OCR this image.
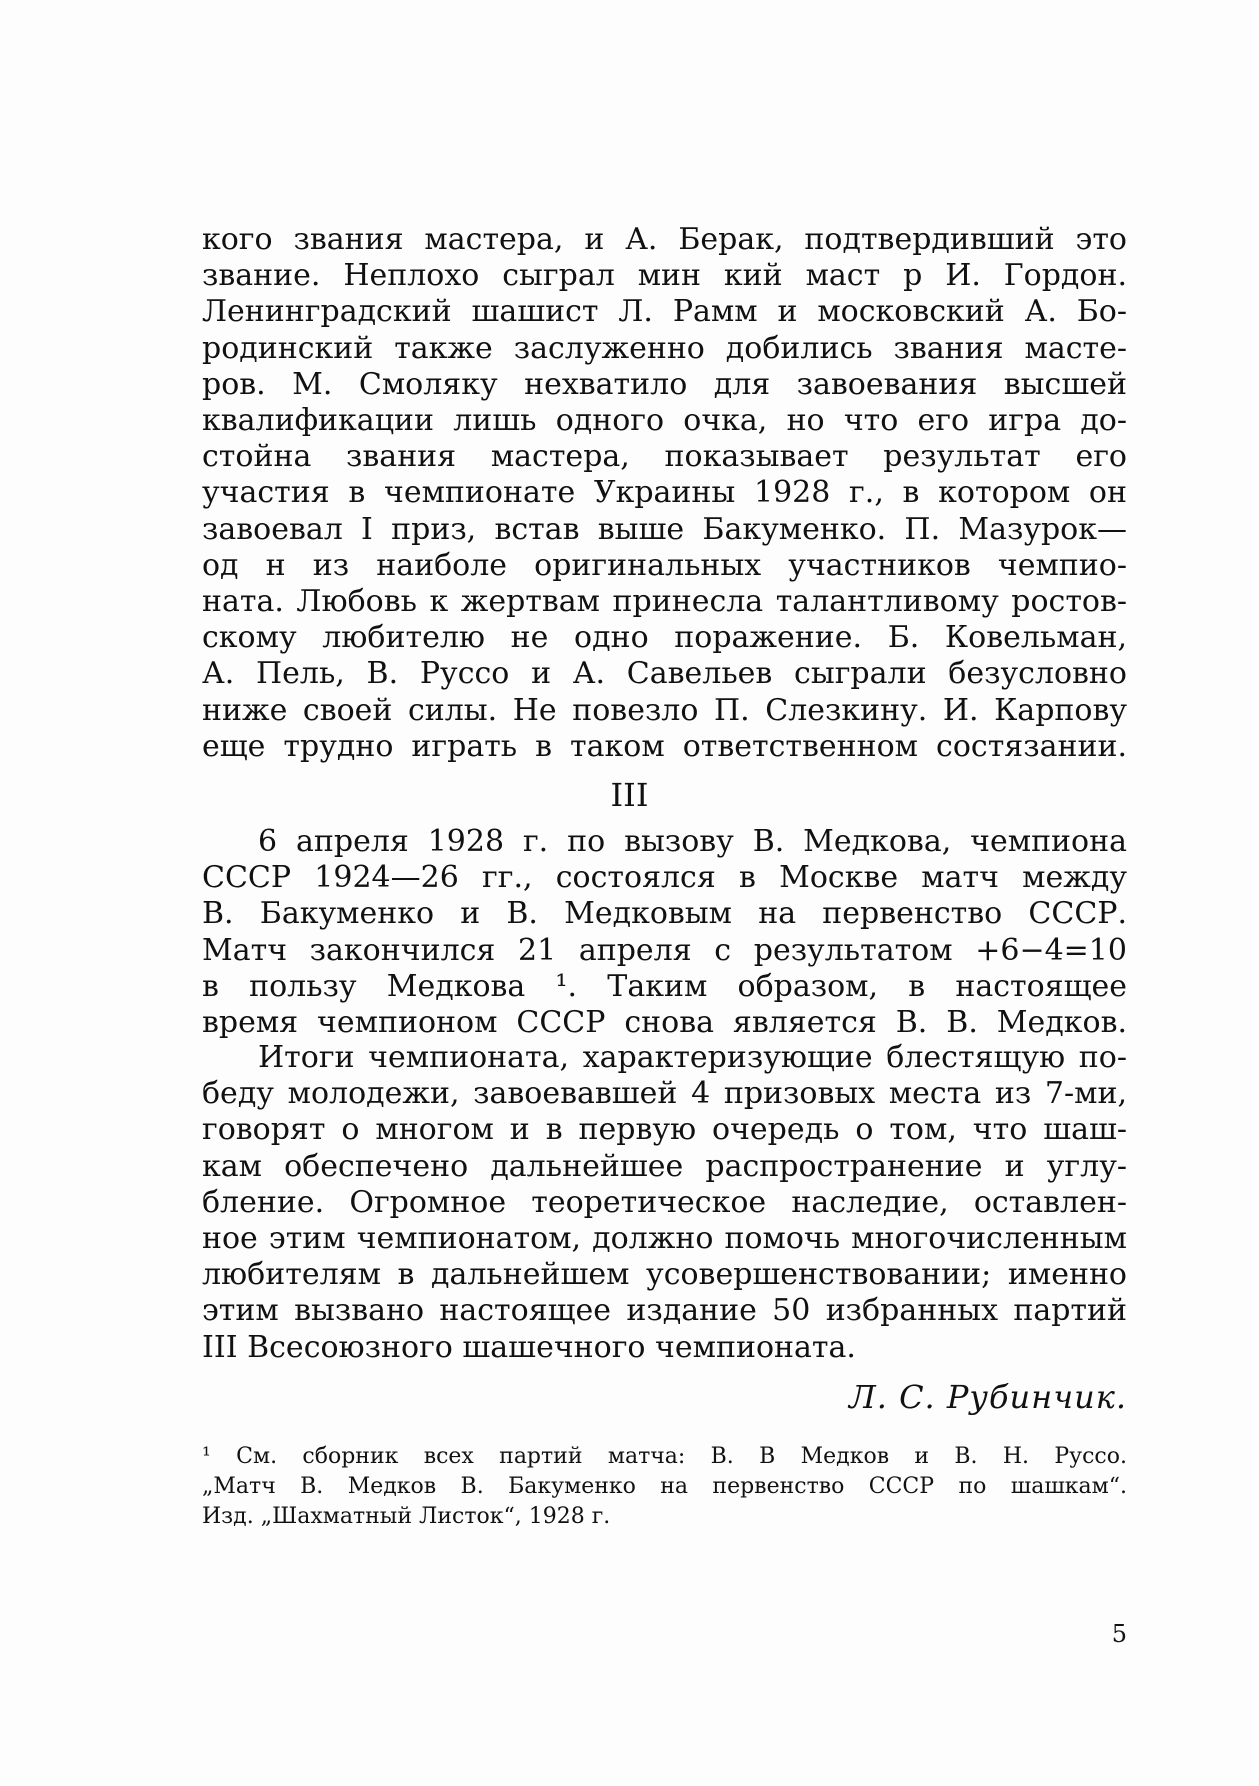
кого звания мастера, и А. Берак, подтвердивший это
звание. Неплохо сыграл мин кий маст р И. Гордон.
Ленинградский шашист Л. Рамм и московский А. Бо-
родинский также заслуженно добились звания масте-
ров. М. Смоляку нехватило для завоевания высшей
квалификации лишь одного очка, но что его игра до-
стойна звания мастера, показывает результат его
участия в чемпионате Украины 1928 г., в котором он
завоевал I приз, встав выше Бакуменко. П. Мазурок—
од н из наиболе оригинальных участников чемпио-
ната. Любовь к жертвам принесла талантливому ростов-
скому любителю не одно поражение. Б. Ковельман,
А. Пель, В. Руссо и А. Савельев сыграли безусловно
ниже своей силы. Не повезло П. Слезкину. И. Карпову
еще трудно играть в таком ответственном состязании.
III
6 апреля 1928 г. по вызову В. Медкова, чемпиона
СССР 1924—26 гг., состоялся в Москве матч между
В. Бакуменко и В. Медковым на первенство СССР.
Матч закончился 21 апреля с результатом +6−4=10
в пользу Медкова ¹. Таким образом, в настоящее
время чемпионом СССР снова является В. В. Медков.
Итоги чемпионата, характеризующие блестящую по-
беду молодежи, завоевавшей 4 призовых места из 7-ми,
говорят о многом и в первую очередь о том, что шаш-
кам обеспечено дальнейшее распространение и углу-
бление. Огромное теоретическое наследие, оставлен-
ное этим чемпионатом, должно помочь многочисленным
любителям в дальнейшем усовершенствовании; именно
этим вызвано настоящее издание 50 избранных партий
III Всесоюзного шашечного чемпионата.
Л. С. Рубинчик.
¹ См. сборник всех партий матча: В. В Медков и В. Н. Руссо.
„Матч В. Медков В. Бакуменко на первенство СССР по шашкам“.
Изд. „Шахматный Листок“, 1928 г.
5
